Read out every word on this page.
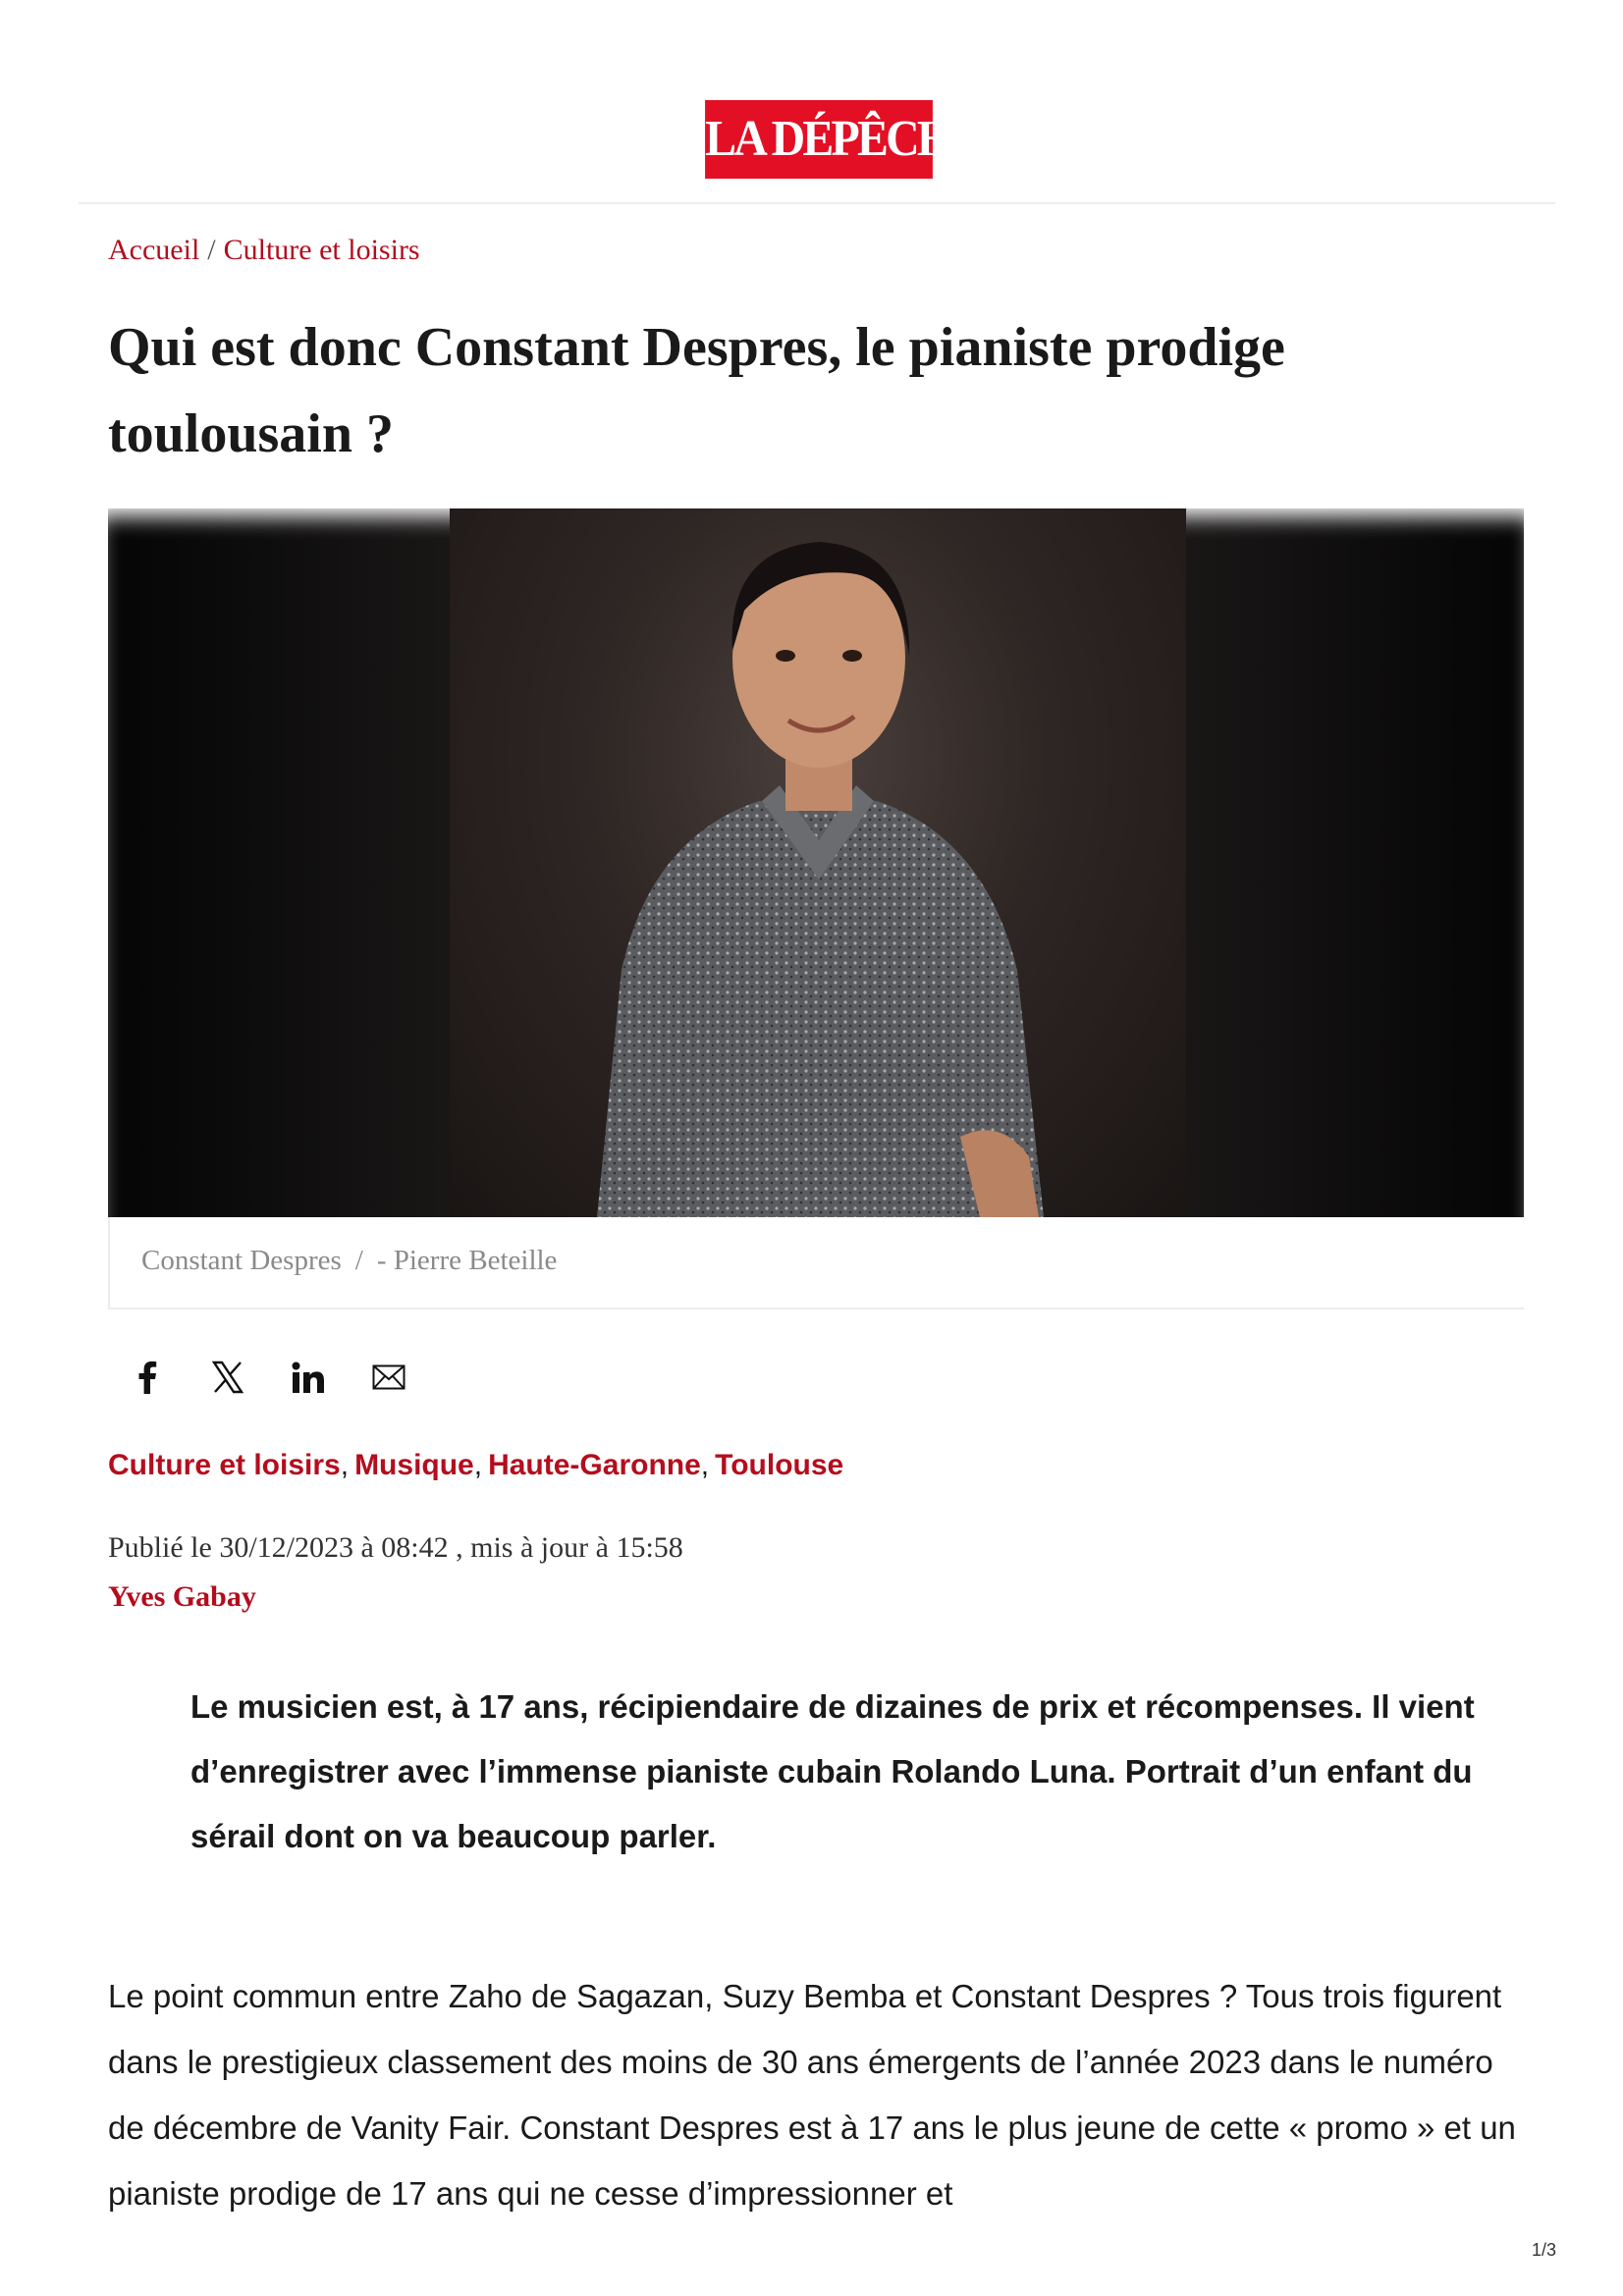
LA DÉPÊCHE
Accueil / Culture et loisirs
Qui est donc Constant Despres, le pianiste prodige toulousain ?
Constant Despres / - Pierre Beteille
Culture et loisirs, Musique, Haute-Garonne, Toulouse
Publié le 30/12/2023 à 08:42 , mis à jour à 15:58
Yves Gabay

Le musicien est, à 17 ans, récipiendaire de dizaines de prix et récompenses. Il vient d’enregistrer avec l’immense pianiste cubain Rolando Luna. Portrait d’un enfant du sérail dont on va beaucoup parler.

Le point commun entre Zaho de Sagazan, Suzy Bemba et Constant Despres ? Tous trois figurent dans le prestigieux classement des moins de 30 ans émergents de l’année 2023 dans le numéro de décembre de Vanity Fair. Constant Despres est à 17 ans le plus jeune de cette « promo » et un pianiste prodige de 17 ans qui ne cesse d’impressionner et

1/3
